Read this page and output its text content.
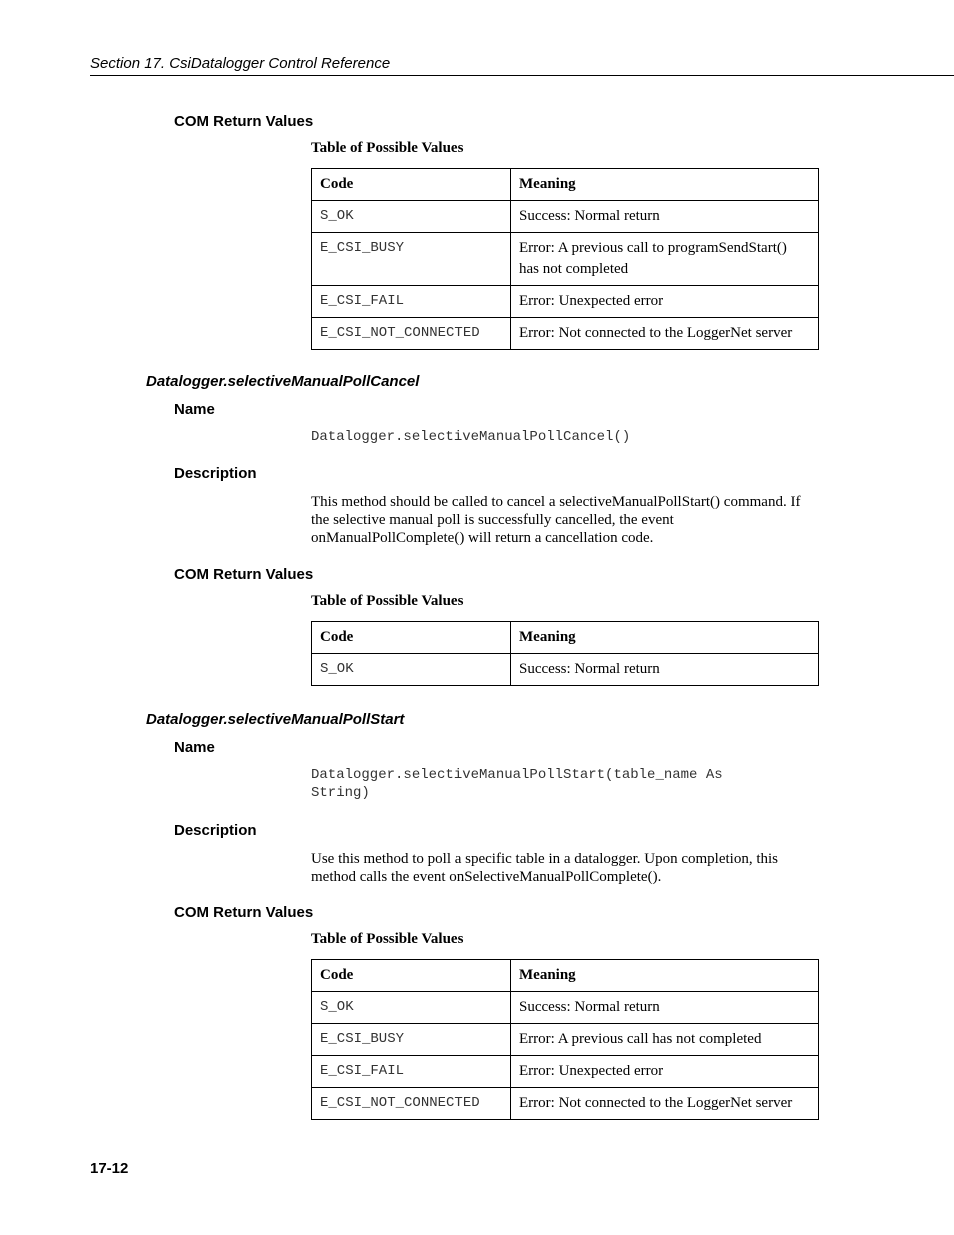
Section 17. CsiDatalogger Control Reference
COM Return Values
Table of Possible Values
Code	Meaning
S_OK	Success: Normal return
E_CSI_BUSY	Error: A previous call to programSendStart() has not completed
E_CSI_FAIL	Error: Unexpected error
E_CSI_NOT_CONNECTED	Error: Not connected to the LoggerNet server
Datalogger.selectiveManualPollCancel
Name
Datalogger.selectiveManualPollCancel()
Description
This method should be called to cancel a selectiveManualPollStart() command. If the selective manual poll is successfully cancelled, the event onManualPollComplete() will return a cancellation code.
COM Return Values
Table of Possible Values
Code	Meaning
S_OK	Success: Normal return
Datalogger.selectiveManualPollStart
Name
Datalogger.selectiveManualPollStart(table_name As String)
Description
Use this method to poll a specific table in a datalogger. Upon completion, this method calls the event onSelectiveManualPollComplete().
COM Return Values
Table of Possible Values
Code	Meaning
S_OK	Success: Normal return
E_CSI_BUSY	Error: A previous call has not completed
E_CSI_FAIL	Error: Unexpected error
E_CSI_NOT_CONNECTED	Error: Not connected to the LoggerNet server
17-12
